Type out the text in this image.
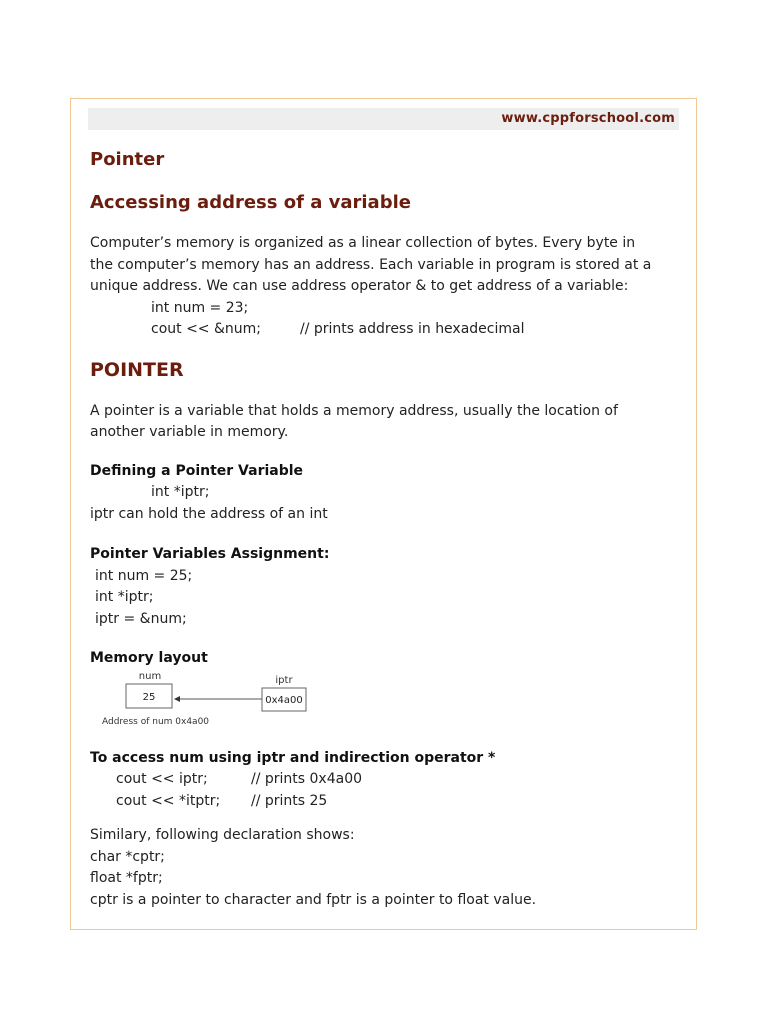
www.cppforschool.com
Pointer
Accessing address of a variable
Computer’s memory is organized as a linear collection of bytes. Every byte in
the computer’s memory has an address. Each variable in program is stored at a
unique address. We can use address operator & to get address of a variable:
int num = 23;
cout << &num;	// prints address in hexadecimal
POINTER
A pointer is a variable that holds a memory address, usually the location of
another variable in memory.
Defining a Pointer Variable
int *iptr;
iptr can hold the address of an int
Pointer Variables Assignment:
int num = 25;
int *iptr;
iptr = &num;
Memory layout
num
25
iptr
0x4a00
Address of num 0x4a00
To access num using iptr and indirection operator *
cout << iptr;	// prints 0x4a00
cout << *itptr; // prints 25
Similary, following declaration shows:
char *cptr;
float *fptr;
cptr is a pointer to character and fptr is a pointer to float value.
